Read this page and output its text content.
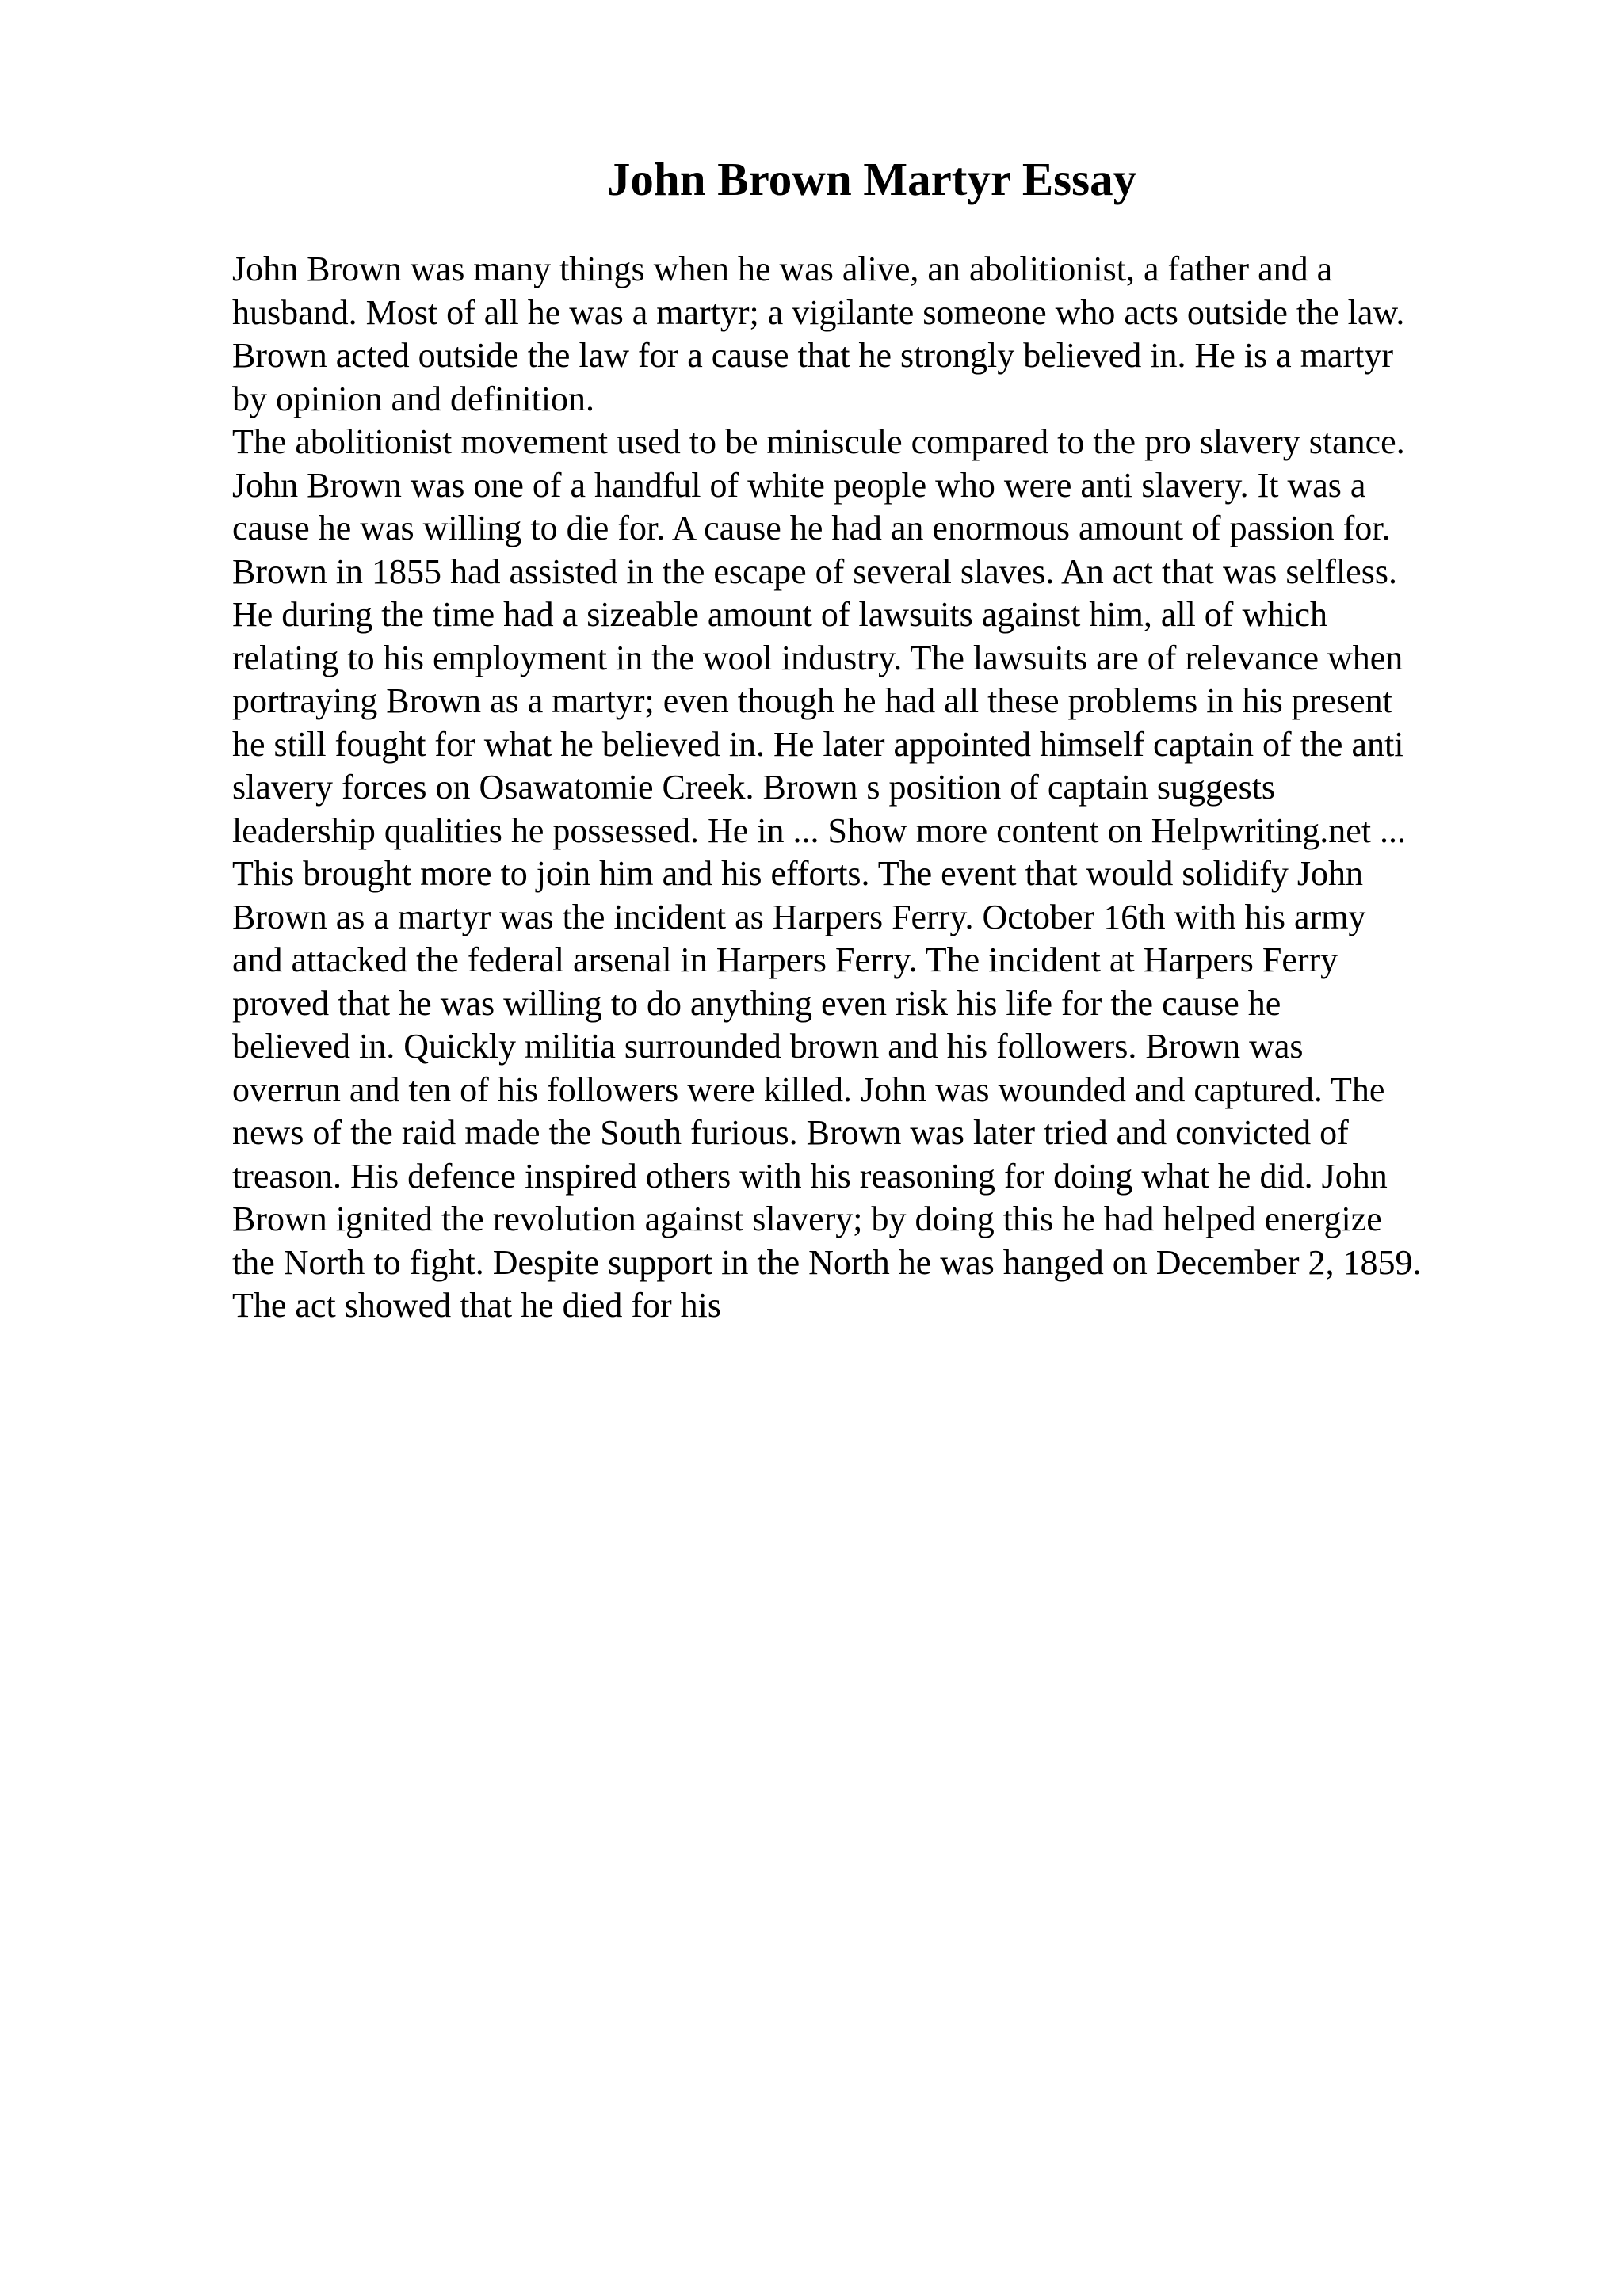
John Brown Martyr Essay
John Brown was many things when he was alive, an abolitionist, a father and a
husband. Most of all he was a martyr; a vigilante someone who acts outside the law.
Brown acted outside the law for a cause that he strongly believed in. He is a martyr
by opinion and definition.
The abolitionist movement used to be miniscule compared to the pro slavery stance.
John Brown was one of a handful of white people who were anti slavery. It was a
cause he was willing to die for. A cause he had an enormous amount of passion for.
Brown in 1855 had assisted in the escape of several slaves. An act that was selfless.
He during the time had a sizeable amount of lawsuits against him, all of which
relating to his employment in the wool industry. The lawsuits are of relevance when
portraying Brown as a martyr; even though he had all these problems in his present
he still fought for what he believed in. He later appointed himself captain of the anti
slavery forces on Osawatomie Creek. Brown s position of captain suggests
leadership qualities he possessed. He in ... Show more content on Helpwriting.net ...
This brought more to join him and his efforts. The event that would solidify John
Brown as a martyr was the incident as Harpers Ferry. October 16th with his army
and attacked the federal arsenal in Harpers Ferry. The incident at Harpers Ferry
proved that he was willing to do anything even risk his life for the cause he
believed in. Quickly militia surrounded brown and his followers. Brown was
overrun and ten of his followers were killed. John was wounded and captured. The
news of the raid made the South furious. Brown was later tried and convicted of
treason. His defence inspired others with his reasoning for doing what he did. John
Brown ignited the revolution against slavery; by doing this he had helped energize
the North to fight. Despite support in the North he was hanged on December 2, 1859.
The act showed that he died for his
